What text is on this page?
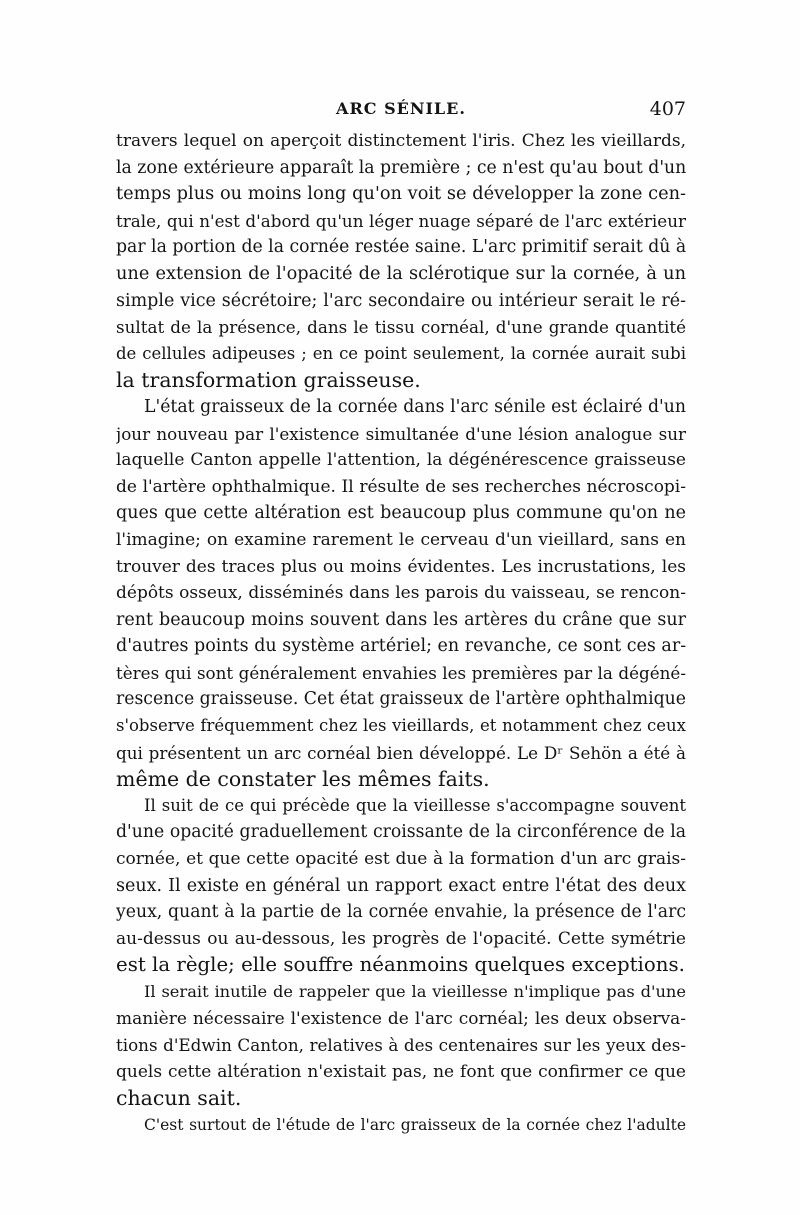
ARC SÉNILE.	407
travers lequel on aperçoit distinctement l'iris. Chez les vieillards,
la zone extérieure apparaît la première ; ce n'est qu'au bout d'un
temps plus ou moins long qu'on voit se développer la zone cen-
trale, qui n'est d'abord qu'un léger nuage séparé de l'arc extérieur
par la portion de la cornée restée saine. L'arc primitif serait dû à
une extension de l'opacité de la sclérotique sur la cornée, à un
simple vice sécrétoire; l'arc secondaire ou intérieur serait le ré-
sultat de la présence, dans le tissu cornéal, d'une grande quantité
de cellules adipeuses ; en ce point seulement, la cornée aurait subi
la transformation graisseuse.
L'état graisseux de la cornée dans l'arc sénile est éclairé d'un
jour nouveau par l'existence simultanée d'une lésion analogue sur
laquelle Canton appelle l'attention, la dégénérescence graisseuse
de l'artère ophthalmique. Il résulte de ses recherches nécroscopi-
ques que cette altération est beaucoup plus commune qu'on ne
l'imagine; on examine rarement le cerveau d'un vieillard, sans en
trouver des traces plus ou moins évidentes. Les incrustations, les
dépôts osseux, disséminés dans les parois du vaisseau, se rencon-
rent beaucoup moins souvent dans les artères du crâne que sur
d'autres points du système artériel; en revanche, ce sont ces ar-
tères qui sont généralement envahies les premières par la dégéné-
rescence graisseuse. Cet état graisseux de l'artère ophthalmique
s'observe fréquemment chez les vieillards, et notamment chez ceux
qui présentent un arc cornéal bien développé. Le Dʳ Sehön a été à
même de constater les mêmes faits.
Il suit de ce qui précède que la vieillesse s'accompagne souvent
d'une opacité graduellement croissante de la circonférence de la
cornée, et que cette opacité est due à la formation d'un arc grais-
seux. Il existe en général un rapport exact entre l'état des deux
yeux, quant à la partie de la cornée envahie, la présence de l'arc
au-dessus ou au-dessous, les progrès de l'opacité. Cette symétrie
est la règle; elle souffre néanmoins quelques exceptions.
Il serait inutile de rappeler que la vieillesse n'implique pas d'une
manière nécessaire l'existence de l'arc cornéal; les deux observa-
tions d'Edwin Canton, relatives à des centenaires sur les yeux des-
quels cette altération n'existait pas, ne font que confirmer ce que
chacun sait.
C'est surtout de l'étude de l'arc graisseux de la cornée chez l'adulte
